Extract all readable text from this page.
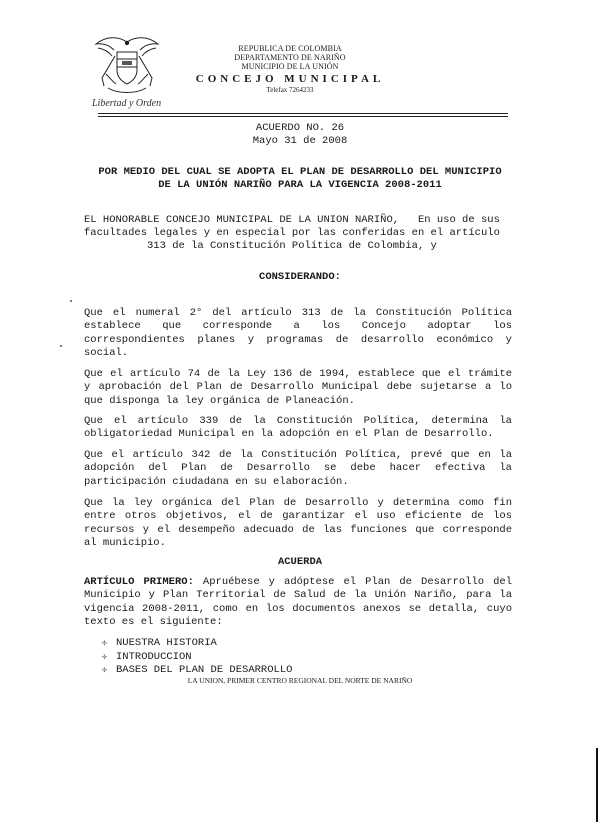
Libertad y Orden
REPUBLICA DE COLOMBIA
DEPARTAMENTO DE NARIÑO
MUNICIPIO DE LA UNIÓN
CONCEJO MUNICIPAL
Telefax 7264233
ACUERDO NO. 26
Mayo 31 de 2008
POR MEDIO DEL CUAL SE ADOPTA EL PLAN DE DESARROLLO DEL MUNICIPIO
DE LA UNIÓN NARIÑO PARA LA VIGENCIA 2008-2011
EL HONORABLE CONCEJO MUNICIPAL DE LA UNION NARIÑO,   En uso de sus
facultades legales y en especial por las conferidas en el artículo
313 de la Constitución Política de Colombia, y
CONSIDERANDO:
Que el numeral 2° del artículo 313 de la Constitución Política establece que corresponde a los Concejo adoptar los correspondientes planes y programas de desarrollo económico y social.
Que el artículo 74 de la Ley 136 de 1994, establece que el trámite y aprobación del Plan de Desarrollo Municipal debe sujetarse a lo que disponga la ley orgánica de Planeación.
Que el artículo 339 de la Constitución Política, determina la obligatoriedad Municipal en la adopción en el Plan de Desarrollo.
Que el artículo 342 de la Constitución Política, prevé que en la adopción del Plan de Desarrollo se debe hacer efectiva la participación ciudadana en su elaboración.
Que la ley orgánica del Plan de Desarrollo y determina como fin entre otros objetivos, el de garantizar el uso eficiente de los recursos y el desempeño adecuado de las funciones que corresponde al municipio.
ACUERDA
ARTÍCULO PRIMERO: Apruébese y adóptese el Plan de Desarrollo del Municipio y Plan Territorial de Salud de la Unión Nariño, para la vigencia 2008-2011, como en los documentos anexos se detalla, cuyo texto es el siguiente:
✣ NUESTRA HISTORIA
✣ INTRODUCCION
✣ BASES DEL PLAN DE DESARROLLO
LA UNION, PRIMER CENTRO REGIONAL DEL NORTE DE NARIÑO
